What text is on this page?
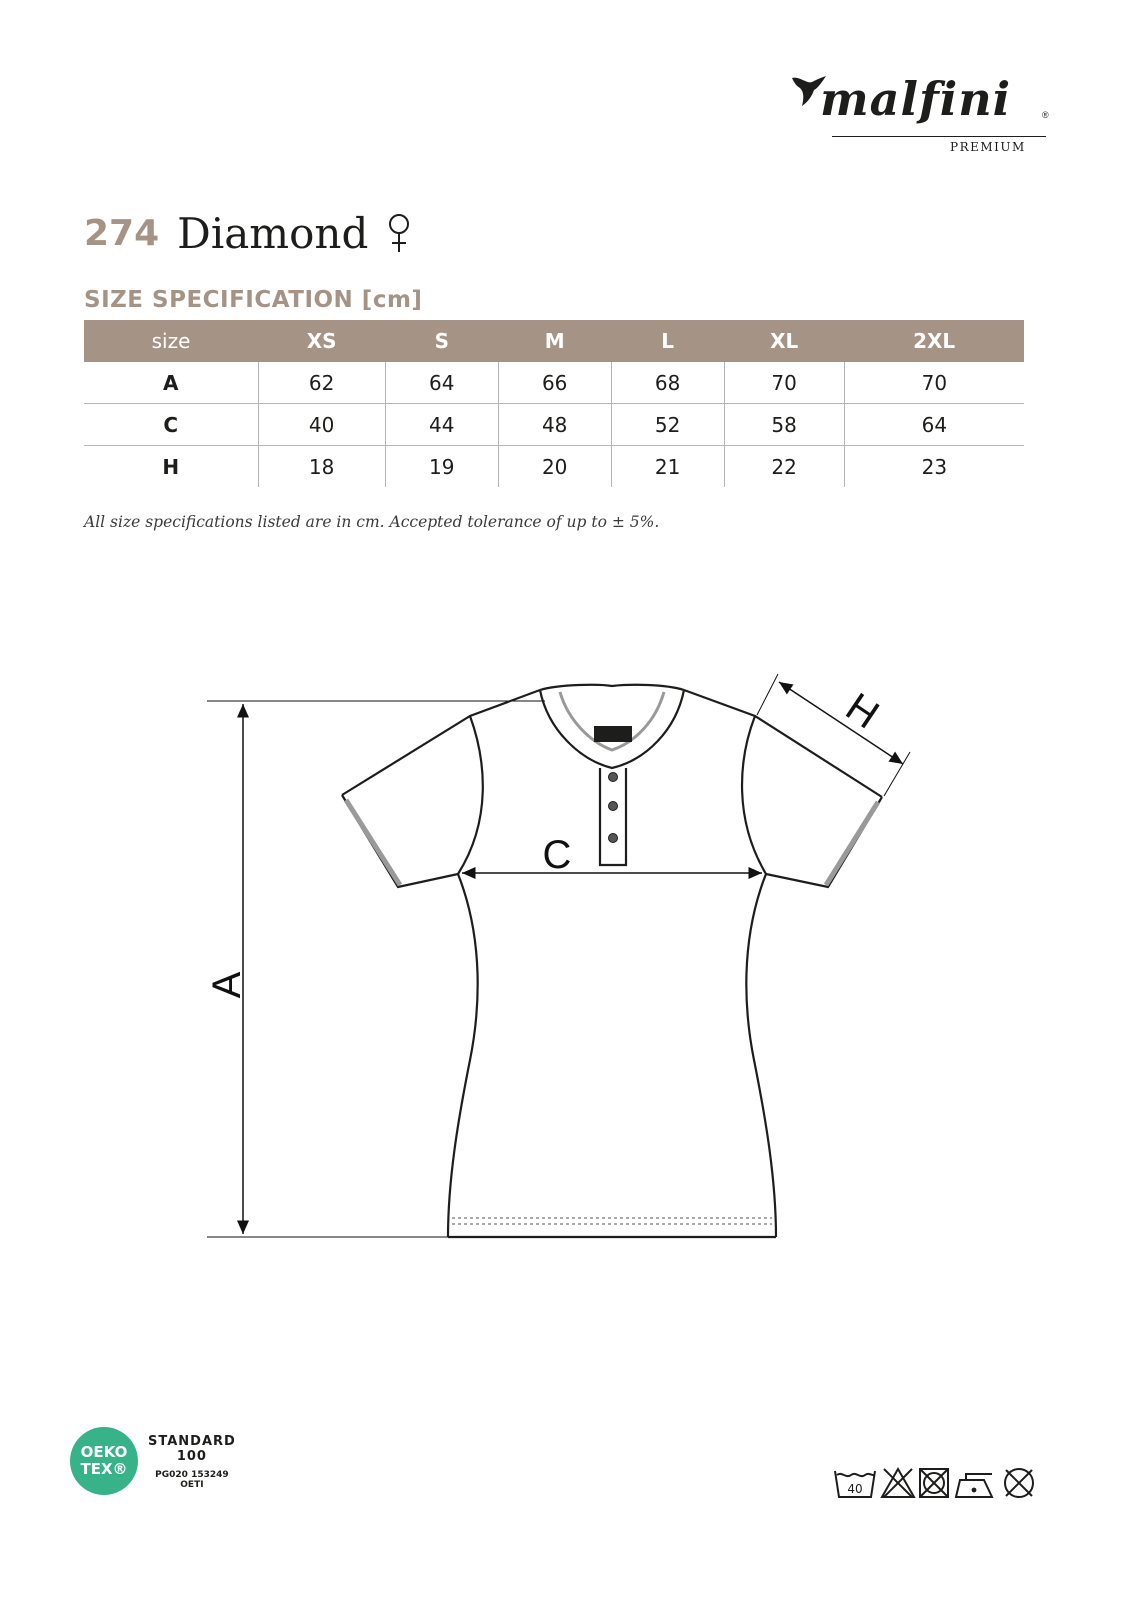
malfini	®
PREMIUM
274 Diamond
SIZE SPECIFICATION [cm]
size	XS	S	M	L	XL	2XL
A	62	64	66	68	70	70
C	40	44	48	52	58	64
H	18	19	20	21	22	23
All size specifications listed are in cm. Accepted tolerance of up to ± 5%.
A
C
H
OEKO
TEX®
STANDARD
100
PG020 153249
OETI	40
